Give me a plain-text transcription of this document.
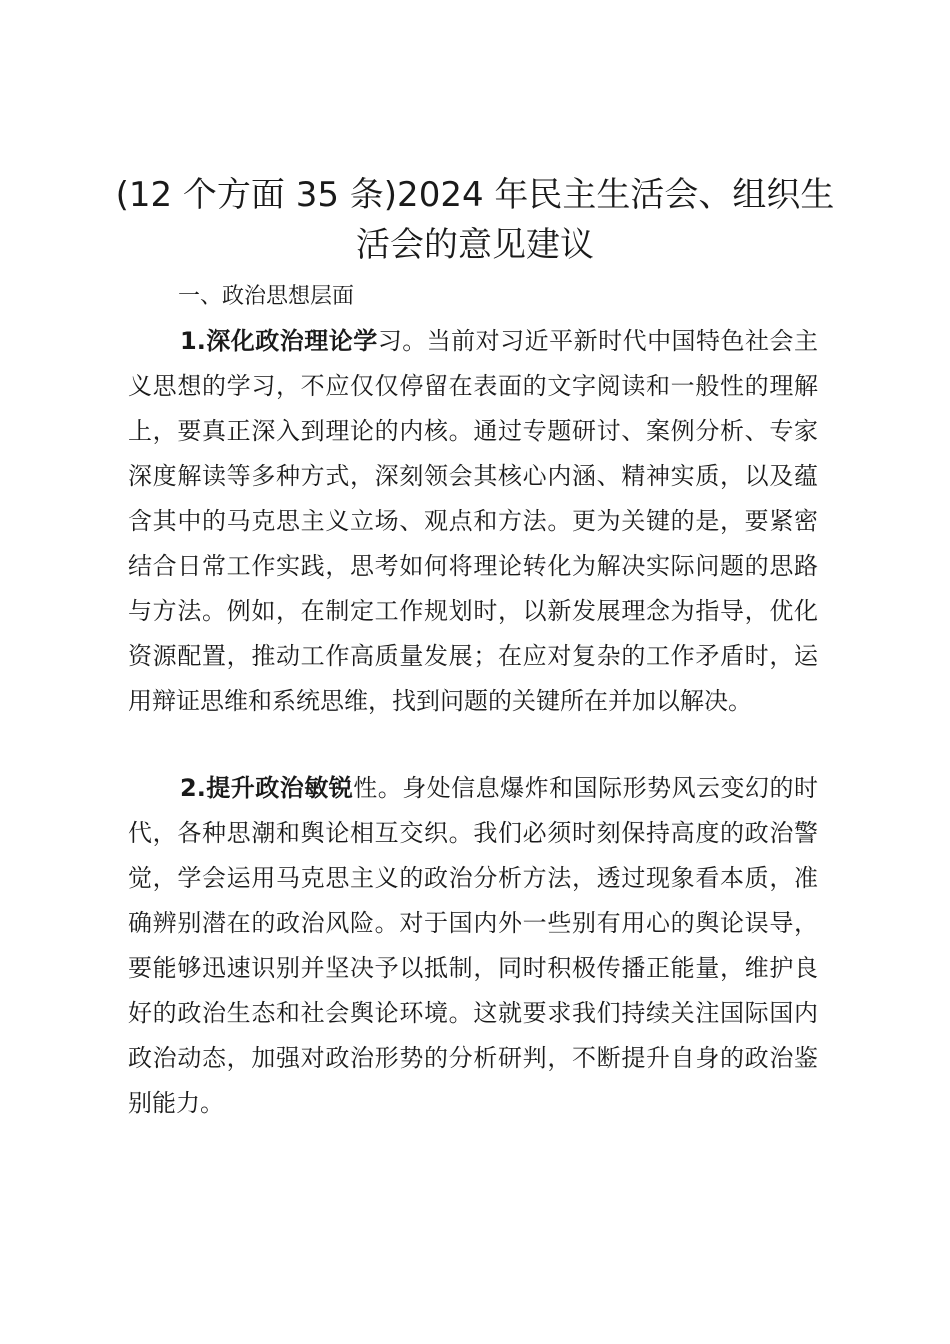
(12 个方面 35 条)2024 年民主生活会、组织生活会的意见建议
一、政治思想层面

1.深化政治理论学习。当前对习近平新时代中国特色社会主义思想的学习，不应仅仅停留在表面的文字阅读和一般性的理解上，要真正深入到理论的内核。通过专题研讨、案例分析、专家深度解读等多种方式，深刻领会其核心内涵、精神实质，以及蕴含其中的马克思主义立场、观点和方法。更为关键的是，要紧密结合日常工作实践，思考如何将理论转化为解决实际问题的思路与方法。例如，在制定工作规划时，以新发展理念为指导，优化资源配置，推动工作高质量发展；在应对复杂的工作矛盾时，运用辩证思维和系统思维，找到问题的关键所在并加以解决。

2.提升政治敏锐性。身处信息爆炸和国际形势风云变幻的时代，各种思潮和舆论相互交织。我们必须时刻保持高度的政治警觉，学会运用马克思主义的政治分析方法，透过现象看本质，准确辨别潜在的政治风险。对于国内外一些别有用心的舆论误导，要能够迅速识别并坚决予以抵制，同时积极传播正能量，维护良好的政治生态和社会舆论环境。这就要求我们持续关注国际国内政治动态，加强对政治形势的分析研判，不断提升自身的政治鉴别能力。
